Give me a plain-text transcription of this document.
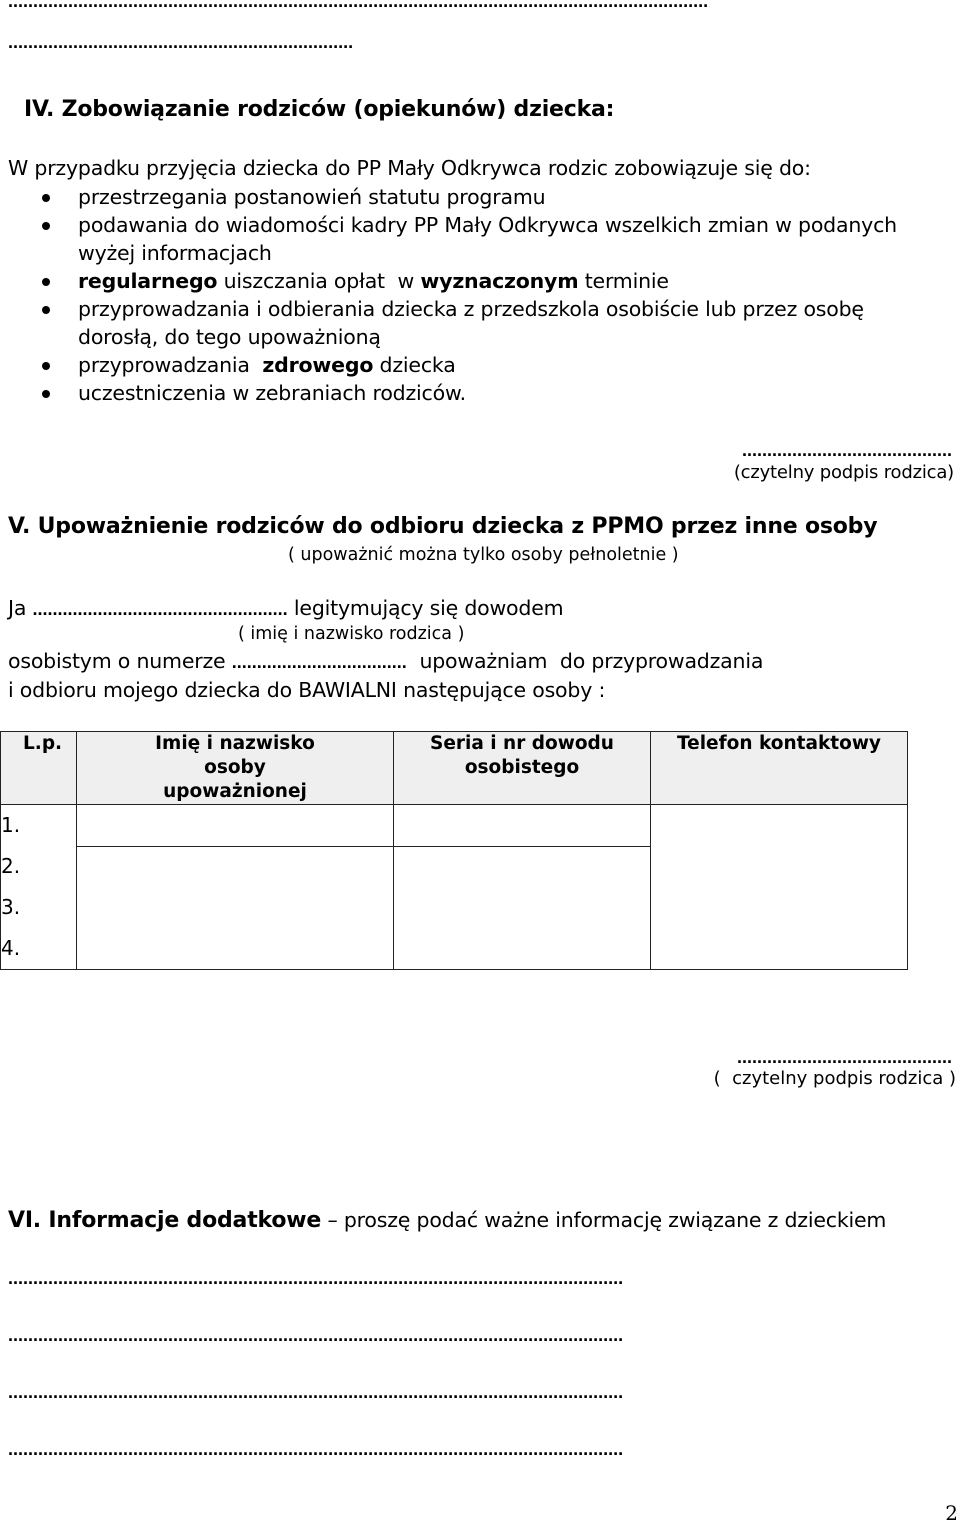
............................................................................................................................................
.....................................................................
IV. Zobowiązanie rodziców (opiekunów) dziecka:
W przypadku przyjęcia dziecka do PP Mały Odkrywca rodzic zobowiązuje się do:
przestrzegania postanowień statutu programu
podawania do wiadomości kadry PP Mały Odkrywca wszelkich zmian w podanych
wyżej informacjach
regularnego uiszczania opłat  w wyznaczonym terminie
przyprowadzania i odbierania dziecka z przedszkola osobiście lub przez osobę
dorosłą, do tego upoważnioną
przyprowadzania  zdrowego dziecka
uczestniczenia w zebraniach rodziców.
..........................................
(czytelny podpis rodzica)
V. Upoważnienie rodziców do odbioru dziecka z PPMO przez inne osoby
( upoważnić można tylko osoby pełnoletnie )
Ja ................................................... legitymujący się dowodem
( imię i nazwisko rodzica )
osobistym o numerze ...................................  upoważniam  do przyprowadzania
i odbioru mojego dziecka do BAWIALNI następujące osoby :
L.p.	Imię i nazwisko osoby upoważnionej	Seria i nr dowodu osobistego	Telefon kontaktowy
1.			
2.			
3.			
4.			
...........................................
(  czytelny podpis rodzica )
VI. Informacje dodatkowe – proszę podać ważne informację związane z dzieckiem
...........................................................................................................................
...........................................................................................................................
...........................................................................................................................
...........................................................................................................................
2
